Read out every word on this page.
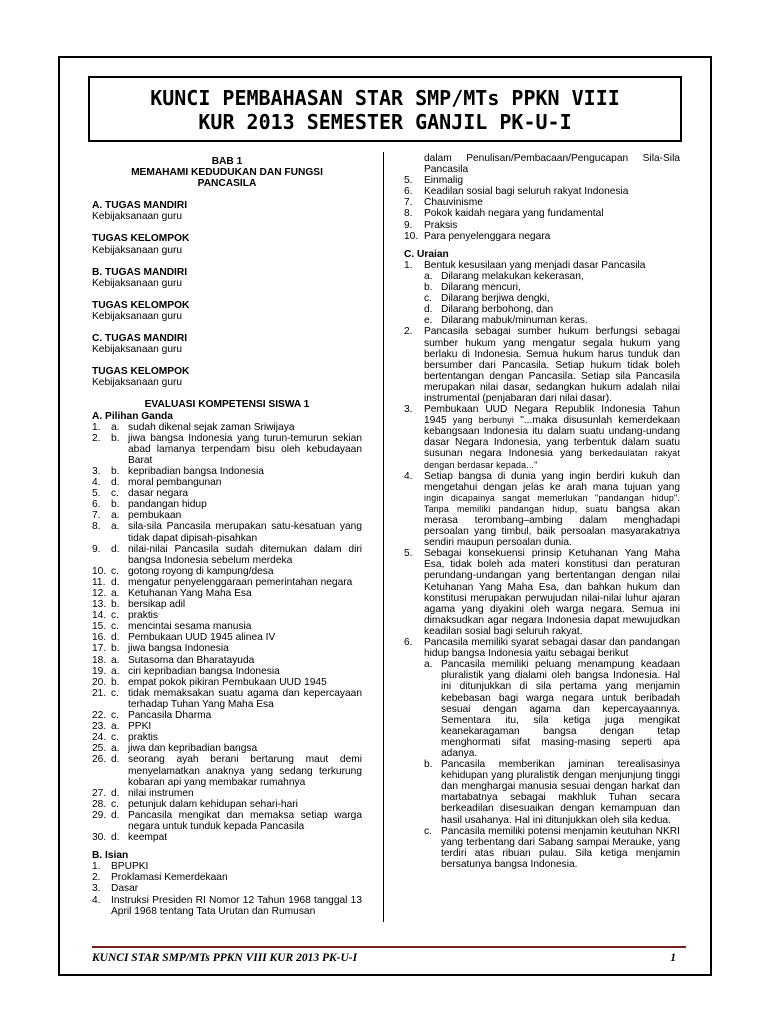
KUNCI PEMBAHASAN STAR SMP/MTs PPKN VIII
KUR 2013 SEMESTER GANJIL PK-U-I
BAB 1
MEMAHAMI KEDUDUKAN DAN FUNGSI
PANCASILA
A. TUGAS MANDIRI
Kebijaksanaan guru
TUGAS KELOMPOK
Kebijaksanaan guru
B. TUGAS MANDIRI
Kebijaksanaan guru
TUGAS KELOMPOK
Kebijaksanaan guru
C. TUGAS MANDIRI
Kebijaksanaan guru
TUGAS KELOMPOK
Kebijaksanaan guru
EVALUASI KOMPETENSI SISWA 1
A. Pilihan Ganda
1.	a. sudah dikenal sejak zaman Sriwijaya
2.	b. jiwa bangsa Indonesia yang turun-temurun sekian abad lamanya terpendam bisu oleh kebudayaan Barat
3.	b. kepribadian bangsa Indonesia
4.	d. moral pembangunan
5.	c. dasar negara
6.	b. pandangan hidup
7.	a. pembukaan
8.	a. sila-sila Pancasila merupakan satu-kesatuan yang tidak dapat dipisah-pisahkan
9.	d. nilai-nilai Pancasila sudah ditemukan dalam diri bangsa Indonesia sebelum merdeka
10. c. gotong royong di kampung/desa
11. d. mengatur penyelenggaraan pemerintahan negara
12. a. Ketuhanan Yang Maha Esa
13. b. bersikap adil
14. c. praktis
15. c. mencintai sesama manusia
16. d. Pembukaan UUD 1945 alinea IV
17. b. jiwa bangsa Indonesia
18. a. Sutasoma dan Bharatayuda
19. a. ciri kepribadian bangsa Indonesia
20. b. empat pokok pikiran Pembukaan UUD 1945
21. c. tidak memaksakan suatu agama dan kepercayaan terhadap Tuhan Yang Maha Esa
22. c. Pancasila Dharma
23. a. PPKI
24. c. praktis
25. a. jiwa dan kepribadian bangsa
26. d. seorang ayah berani bertarung maut demi menyelamatkan anaknya yang sedang terkurung kobaran api yang membakar rumahnya
27. d. nilai instrumen
28. c. petunjuk dalam kehidupan sehari-hari
29. d. Pancasila mengikat dan memaksa setiap warga negara untuk tunduk kepada Pancasila
30. d. keempat
B. Isian
1.	BPUPKI
2.	Proklamasi Kemerdekaan
3.	Dasar
4.	Instruksi Presiden RI Nomor 12 Tahun 1968 tanggal 13 April 1968 tentang Tata Urutan dan Rumusan
dalam Penulisan/Pembacaan/Pengucapan Sila-Sila Pancasila
5.	Einmalig
6.	Keadilan sosial bagi seluruh rakyat Indonesia
7.	Chauvinisme
8.	Pokok kaidah negara yang fundamental
9.	Praksis
10. Para penyelenggara negara
C. Uraian
1.	Bentuk kesusilaan yang menjadi dasar Pancasila
a. Dilarang melakukan kekerasan,
b. Dilarang mencuri,
c. Dilarang berjiwa dengki,
d. Dilarang berbohong, dan
e. Dilarang mabuk/minuman keras.
2.	Pancasila sebagai sumber hukum berfungsi sebagai sumber hukum yang mengatur segala hukum yang berlaku di Indonesia. Semua hukum harus tunduk dan bersumber dari Pancasila. Setiap hukum tidak boleh bertentangan dengan Pancasila. Setiap sila Pancasila merupakan nilai dasar, sedangkan hukum adalah nilai instrumental (penjabaran dari nilai dasar).
3.	Pembukaan UUD Negara Republik Indonesia Tahun 1945 yang berbunyi "...maka disusunlah kemerdekaan kebangsaan Indonesia itu dalam suatu undang-undang dasar Negara Indonesia, yang terbentuk dalam suatu susunan negara Indonesia yang berkedaulatan rakyat dengan berdasar kepada..."
4.	Setiap bangsa di dunia yang ingin berdiri kukuh dan mengetahui dengan jelas ke arah mana tujuan yang ingin dicapainya sangat memerlukan "pandangan hidup". Tanpa memiliki pandangan hidup, suatu bangsa akan merasa terombang–ambing dalam menghadapi persoalan yang timbul, baik persoalan masyarakatnya sendiri maupun persoalan dunia.
5.	Sebagai konsekuensi prinsip Ketuhanan Yang Maha Esa, tidak boleh ada materi konstitusi dan peraturan perundang-undangan yang bertentangan dengan nilai Ketuhanan Yang Maha Esa, dan bahkan hukum dan konstitusi merupakan perwujudan nilai-nilai luhur ajaran agama yang diyakini oleh warga negara. Semua ini dimaksudkan agar negara Indonesia dapat mewujudkan keadilan sosial bagi seluruh rakyat.
6.	Pancasila memiliki syarat sebagai dasar dan pandangan hidup bangsa Indonesia yaitu sebagai berikut
a. Pancasila memiliki peluang menampung keadaan pluralistik yang dialami oleh bangsa Indonesia. Hal ini ditunjukkan di sila pertama yang menjamin kebebasan bagi warga negara untuk beribadah sesuai dengan agama dan kepercayaannya. Sementara itu, sila ketiga juga mengikat keanekaragaman bangsa dengan tetap menghormati sifat masing-masing seperti apa adanya.
b. Pancasila memberikan jaminan terealisasinya kehidupan yang pluralistik dengan menjunjung tinggi dan menghargai manusia sesuai dengan harkat dan martabatnya sebagai makhluk Tuhan secara berkeadilan disesuaikan dengan kemampuan dan hasil usahanya. Hal ini ditunjukkan oleh sila kedua.
c. Pancasila memiliki potensi menjamin keutuhan NKRI yang terbentang dari Sabang sampai Merauke, yang terdiri atas ribuan pulau. Sila ketiga menjamin bersatunya bangsa Indonesia.
KUNCI STAR SMP/MTs PPKN VIII KUR 2013 PK-U-I	1
